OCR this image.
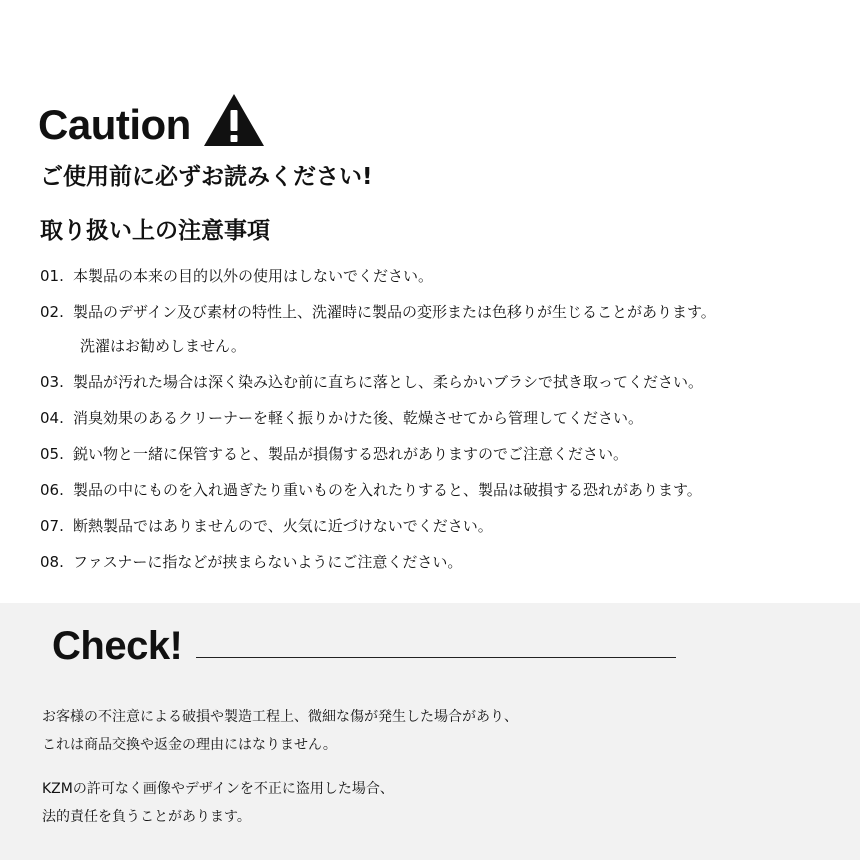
Caution
ご使用前に必ずお読みください!
取り扱い上の注意事項
01. 本製品の本来の目的以外の使用はしないでください。
02. 製品のデザイン及び素材の特性上、洗濯時に製品の変形または色移りが生じることがあります。
洗濯はお勧めしません。
03. 製品が汚れた場合は深く染み込む前に直ちに落とし、柔らかいブラシで拭き取ってください。
04. 消臭効果のあるクリーナーを軽く振りかけた後、乾燥させてから管理してください。
05. 鋭い物と一緒に保管すると、製品が損傷する恐れがありますのでご注意ください。
06. 製品の中にものを入れ過ぎたり重いものを入れたりすると、製品は破損する恐れがあります。
07. 断熱製品ではありませんので、火気に近づけないでください。
08. ファスナーに指などが挟まらないようにご注意ください。
Check!

お客様の不注意による破損や製造工程上、微細な傷が発生した場合があり、
これは商品交換や返金の理由にはなりません。

KZMの許可なく画像やデザインを不正に盗用した場合、
法的責任を負うことがあります。
